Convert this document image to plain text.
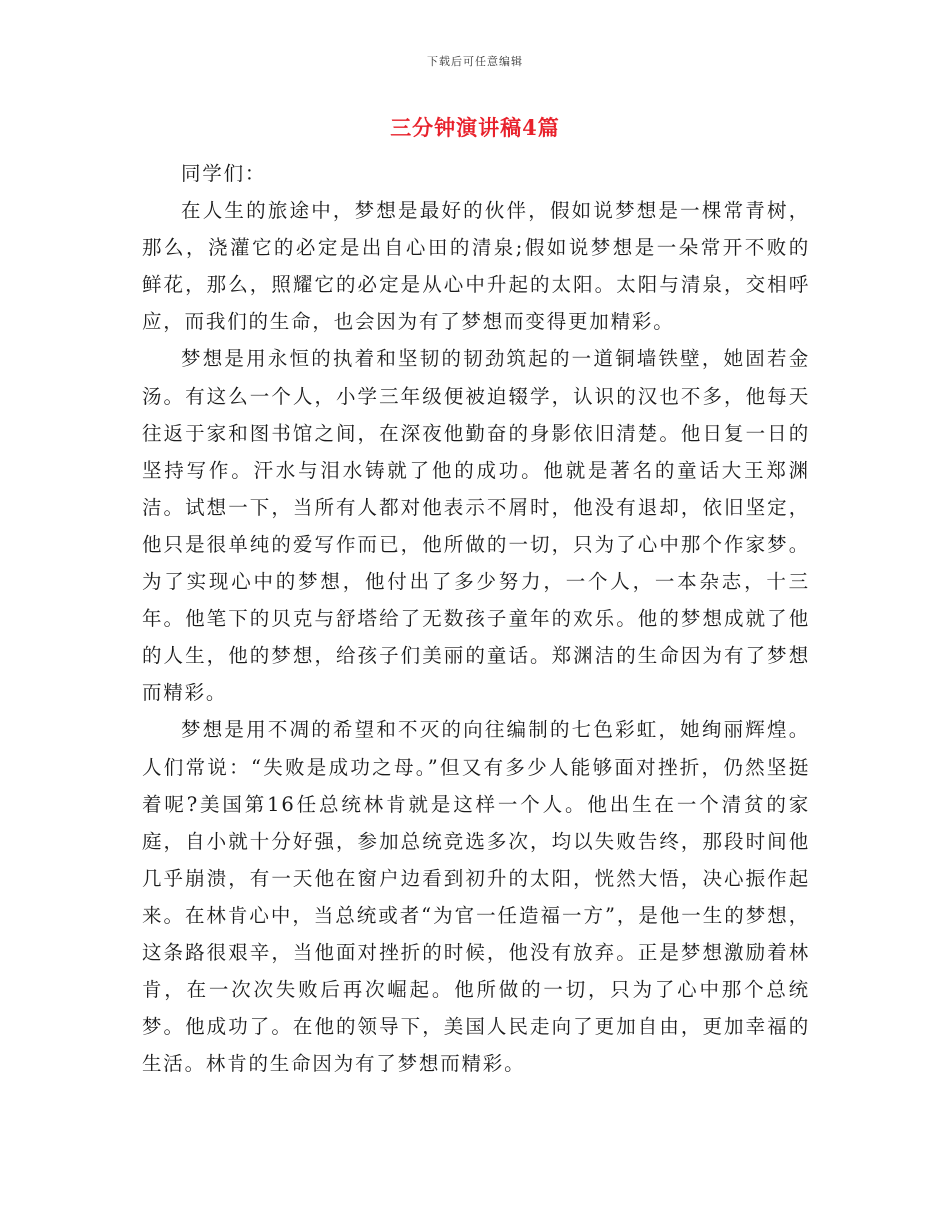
下载后可任意编辑
三分钟演讲稿4篇

同学们：

在人生的旅途中，梦想是最好的伙伴，假如说梦想是一棵常青树，那么，浇灌它的必定是出自心田的清泉;假如说梦想是一朵常开不败的鲜花，那么，照耀它的必定是从心中升起的太阳。太阳与清泉，交相呼应，而我们的生命，也会因为有了梦想而变得更加精彩。

梦想是用永恒的执着和坚韧的韧劲筑起的一道铜墙铁壁，她固若金汤。有这么一个人，小学三年级便被迫辍学，认识的汉也不多，他每天往返于家和图书馆之间，在深夜他勤奋的身影依旧清楚。他日复一日的坚持写作。汗水与泪水铸就了他的成功。他就是著名的童话大王郑渊洁。试想一下，当所有人都对他表示不屑时，他没有退却，依旧坚定，他只是很单纯的爱写作而已，他所做的一切，只为了心中那个作家梦。为了实现心中的梦想，他付出了多少努力，一个人，一本杂志，十三年。他笔下的贝克与舒塔给了无数孩子童年的欢乐。他的梦想成就了他的人生，他的梦想，给孩子们美丽的童话。郑渊洁的生命因为有了梦想而精彩。

梦想是用不凋的希望和不灭的向往编制的七色彩虹，她绚丽辉煌。人们常说：“失败是成功之母。”但又有多少人能够面对挫折，仍然坚挺着呢?美国第16任总统林肯就是这样一个人。他出生在一个清贫的家庭，自小就十分好强，参加总统竞选多次，均以失败告终，那段时间他几乎崩溃，有一天他在窗户边看到初升的太阳，恍然大悟，决心振作起来。在林肯心中，当总统或者“为官一任造福一方”，是他一生的梦想，这条路很艰辛，当他面对挫折的时候，他没有放弃。正是梦想激励着林肯，在一次次失败后再次崛起。他所做的一切，只为了心中那个总统梦。他成功了。在他的领导下，美国人民走向了更加自由，更加幸福的生活。林肯的生命因为有了梦想而精彩。
